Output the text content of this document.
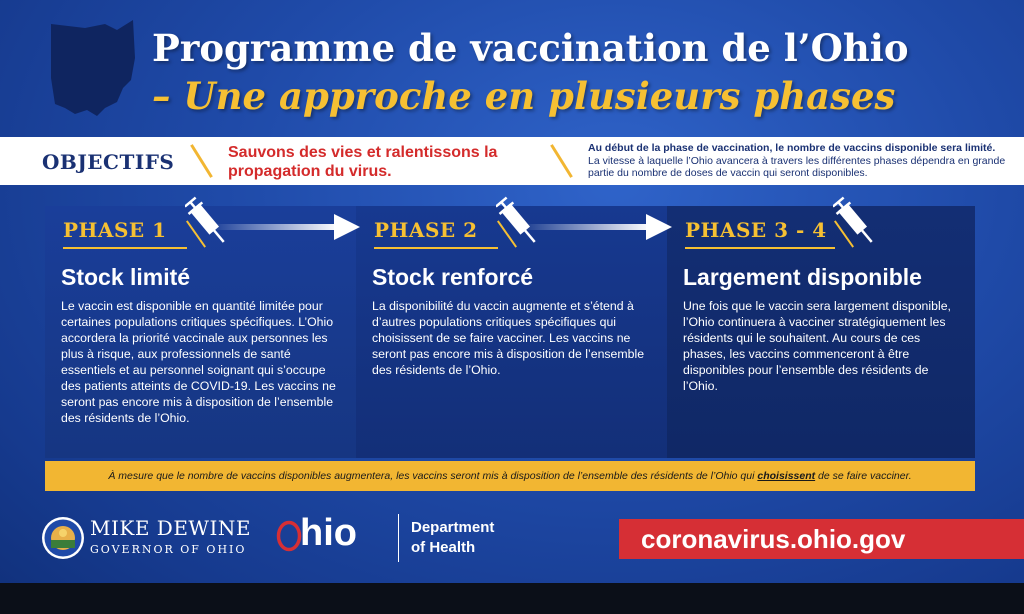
Programme de vaccination de l’Ohio
– Une approche en plusieurs phases
OBJECTIFS	Sauvons des vies et ralentissons la propagation du virus.
Au début de la phase de vaccination, le nombre de vaccins disponible sera limité.
La vitesse à laquelle l’Ohio avancera à travers les différentes phases dépendra en grande partie du nombre de doses de vaccin qui seront disponibles.
PHASE 1
Stock limité
Le vaccin est disponible en quantité limitée pour certaines populations critiques spécifiques. L’Ohio accordera la priorité vaccinale aux personnes les plus à risque, aux professionnels de santé essentiels et au personnel soignant qui s’occupe des patients atteints de COVID-19. Les vaccins ne seront pas encore mis à disposition de l’ensemble des résidents de l’Ohio.
PHASE 2
Stock renforcé
La disponibilité du vaccin augmente et s’étend à d’autres populations critiques spécifiques qui choisissent de se faire vacciner. Les vaccins ne seront pas encore mis à disposition de l’ensemble des résidents de l’Ohio.
PHASE 3 - 4
Largement disponible
Une fois que le vaccin sera largement disponible, l’Ohio continuera à vacciner stratégiquement les résidents qui le souhaitent. Au cours de ces phases, les vaccins commenceront à être disponibles pour l’ensemble des résidents de l’Ohio.
À mesure que le nombre de vaccins disponibles augmentera, les vaccins seront mis à disposition de l’ensemble des résidents de l’Ohio qui choisissent de se faire vacciner.
MIKE DEWINE
GOVERNOR OF OHIO hio	Department
of Health	coronavirus.ohio.gov
